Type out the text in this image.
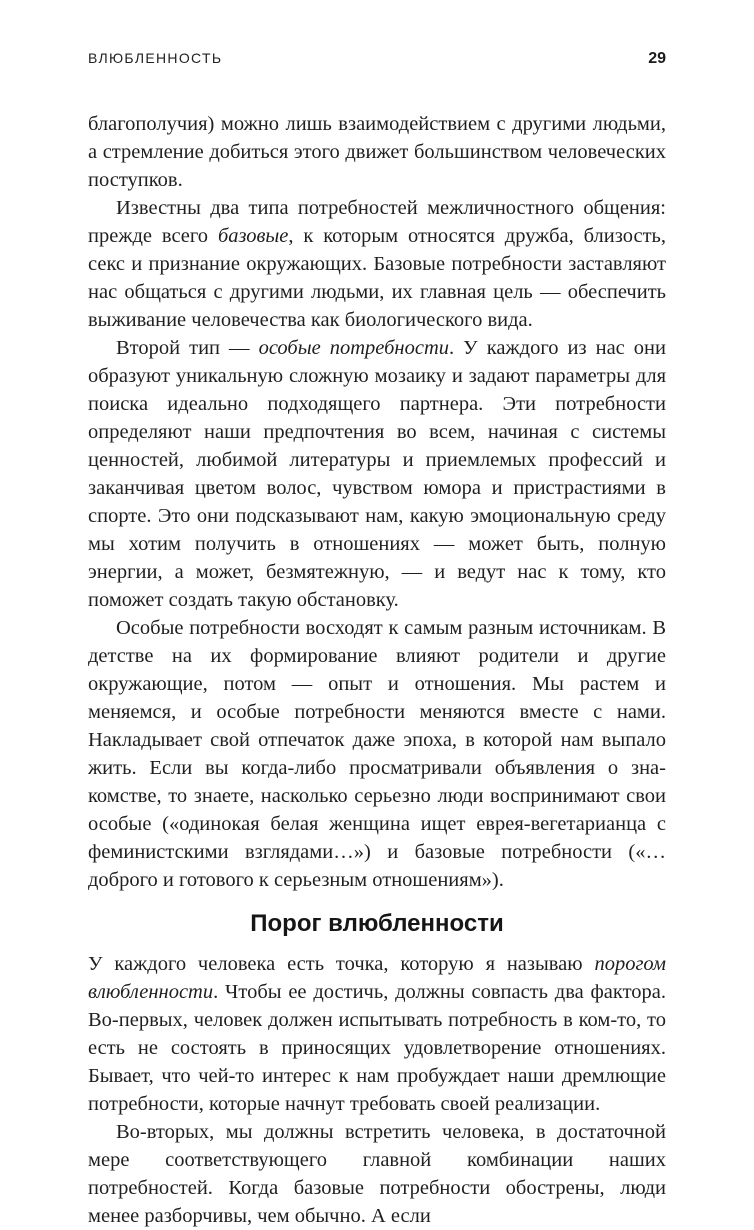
ВЛЮБЛЕННОСТЬ	29

благополучия) можно лишь взаимодействием с другими людьми, а стремление добиться этого движет большинством человеческих поступков.

Известны два типа потребностей межличностного общения: прежде всего базовые, к которым относятся дружба, близость, секс и признание окружающих. Базовые потребности заставляют нас общаться с другими людьми, их главная цель — обеспечить выживание человечества как биологического вида.

Второй тип — особые потребности. У каждого из нас они образуют уникальную сложную мозаику и задают параметры для поиска идеально подходящего партнера. Эти потребности определяют наши предпочтения во всем, начиная с системы ценностей, любимой литературы и приемлемых профессий и заканчивая цветом волос, чувством юмора и пристрастиями в спорте. Это они подсказывают нам, какую эмоциональную среду мы хотим получить в отношениях — может быть, полную энергии, а может, безмятежную, — и ведут нас к тому, кто поможет создать такую обстановку.

Особые потребности восходят к самым разным источникам. В детстве на их формирование влияют родители и другие окружающие, потом — опыт и отношения. Мы растем и меняемся, и особые потребности меняются вместе с нами. Накладывает свой отпечаток даже эпоха, в которой нам выпало жить. Если вы когда-либо просматривали объявления о знакомстве, то знаете, насколько серьезно люди воспринимают свои особые («одинокая белая женщина ищет еврея-вегетарианца с феминистскими взглядами…») и базовые потребности («…доброго и готового к серьезным отношениям»).

Порог влюбленности

У каждого человека есть точка, которую я называю порогом влюбленности. Чтобы ее достичь, должны совпасть два фактора. Во-первых, человек должен испытывать потребность в ком-то, то есть не состоять в приносящих удовлетворение отношениях. Бывает, что чей-то интерес к нам пробуждает наши дремлющие потребности, которые начнут требовать своей реализации.

Во-вторых, мы должны встретить человека, в достаточной мере соответствующего главной комбинации наших потребностей. Когда базовые потребности обострены, люди менее разборчивы, чем обычно. А если
